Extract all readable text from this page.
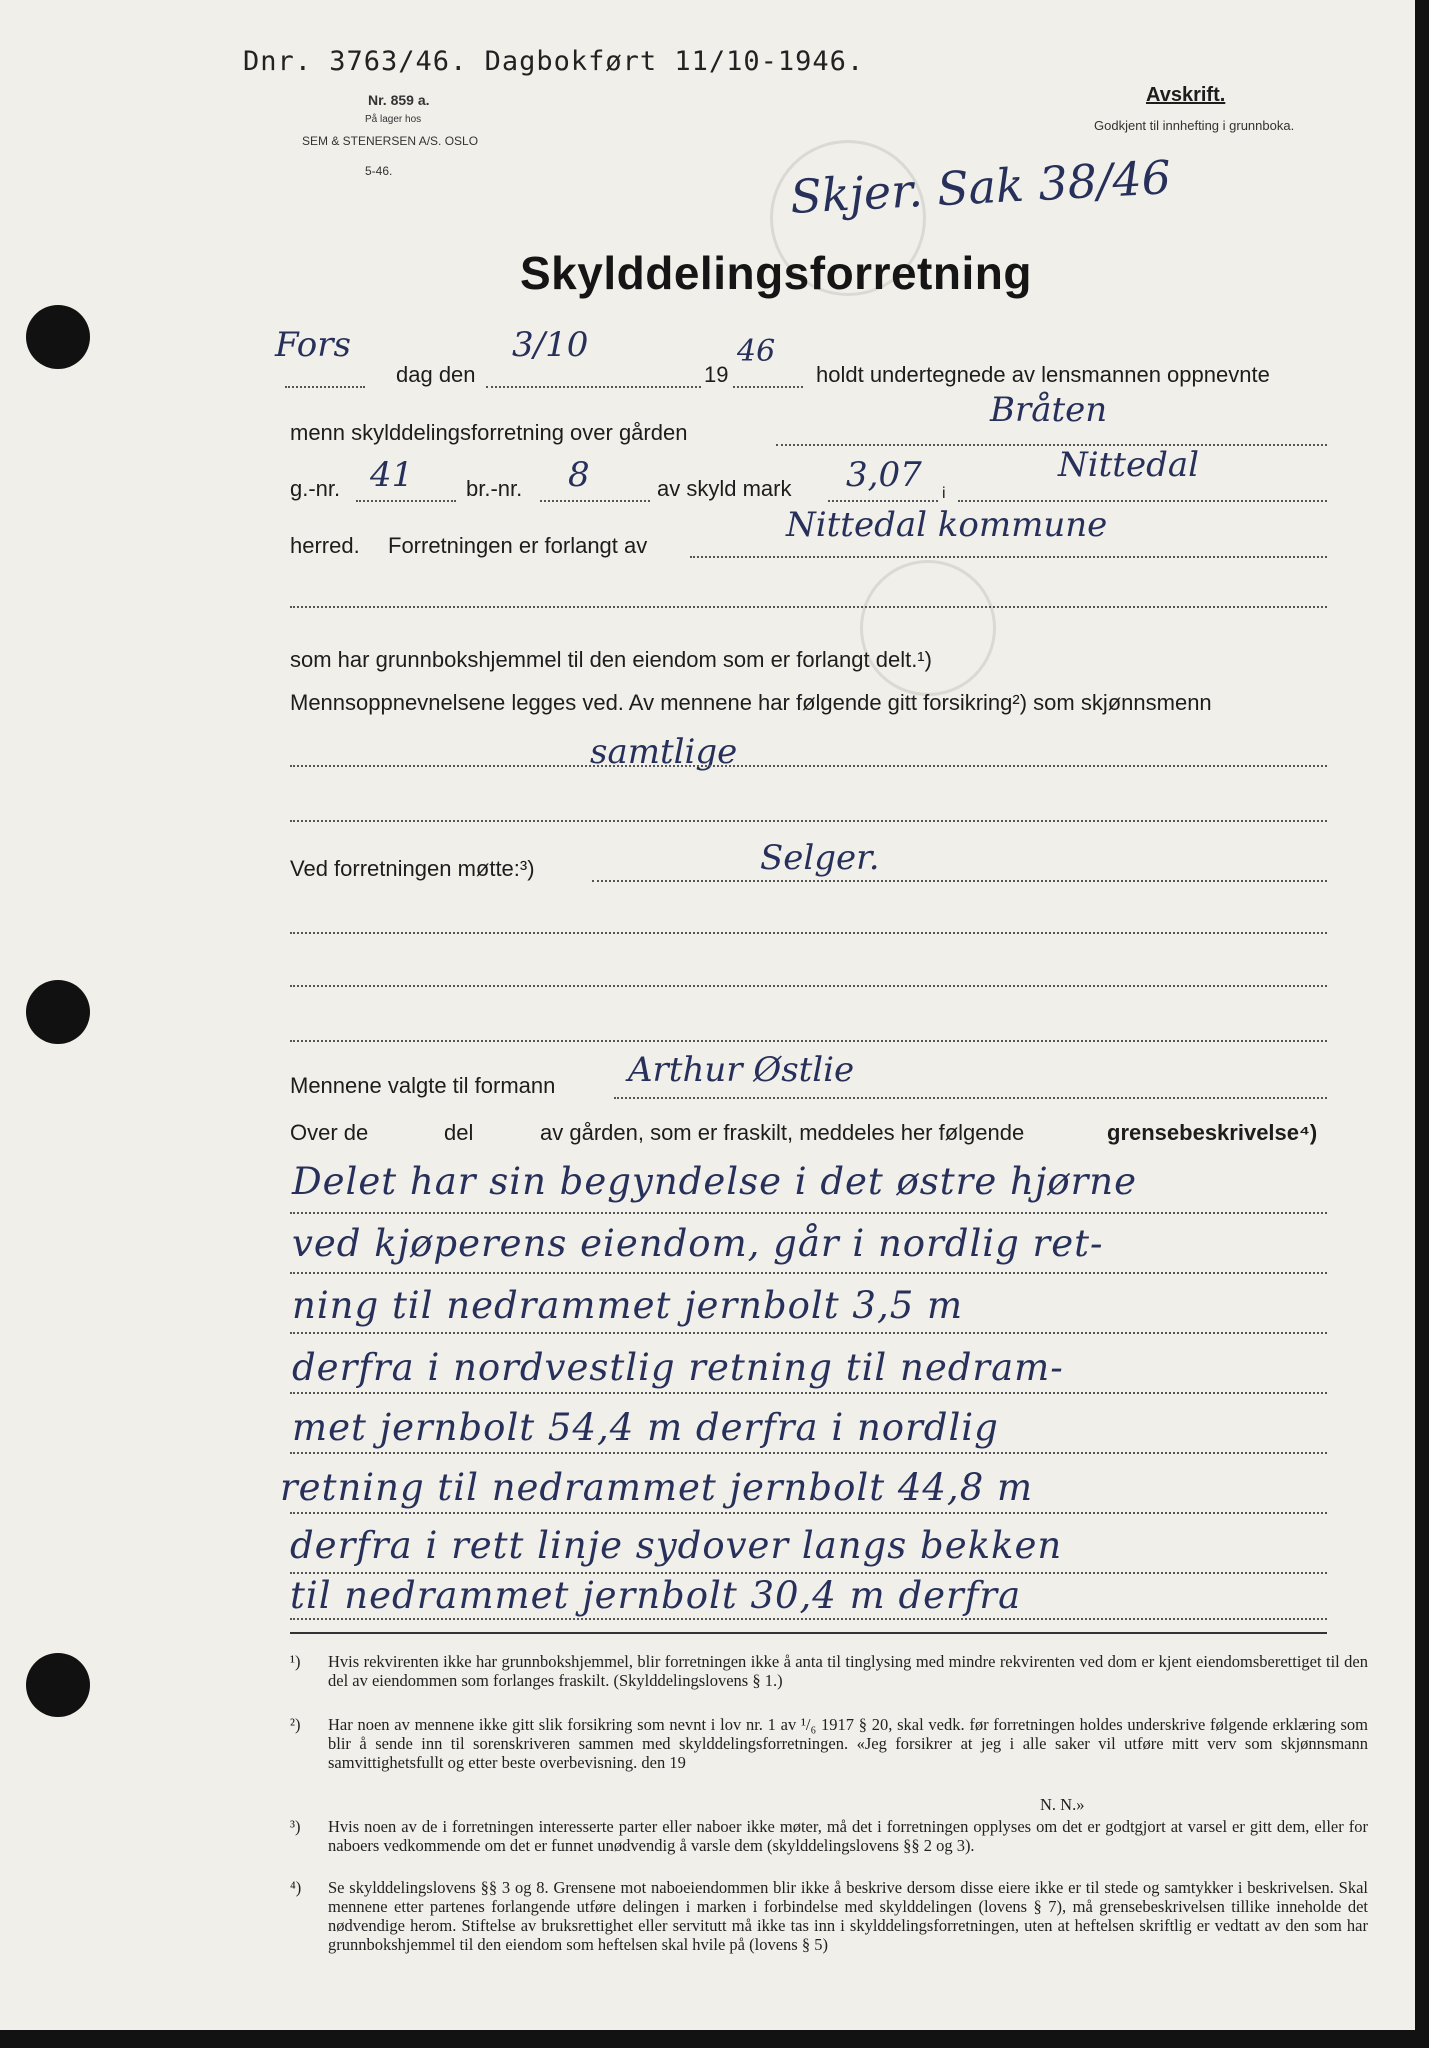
Dnr. 3763/46. Dagbokført 11/10-1946.
Nr. 859 a.
På lager hos
SEM & STENERSEN A/S. OSLO
5-46.
Avskrift.
Godkjent til innhefting i grunnboka.
Skjer. Sak 38/46
Skylddelingsforretning
Fors
dag den
3/10
19
46
holdt undertegnede av lensmannen oppnevnte
menn skylddelingsforretning over gården
Bråten
g.-nr. 41 br.-nr. 8	av skyld mark 3,07 i
Nittedal
herred. Forretningen er forlangt av
Nittedal kommune
som har grunnbokshjemmel til den eiendom som er forlangt delt.¹)
Mennsoppnevnelsene legges ved. Av mennene har følgende gitt forsikring²) som skjønnsmenn
samtlige
Ved forretningen møtte:³)	Selger.
Mennene valgte til formann Arthur Østlie
Over de	del	av gården, som er fraskilt, meddeles her følgende	grensebeskrivelse⁴)
Delet har sin begyndelse i det østre hjørne
ved kjøperens eiendom, går i nordlig ret-
ning til nedrammet jernbolt 3,5 m
derfra i nordvestlig retning til nedram-
met jernbolt 54,4 m derfra i nordlig
retning til nedrammet jernbolt 44,8 m
derfra i rett linje sydover langs bekken
til nedrammet jernbolt 30,4 m derfra
¹) Hvis rekvirenten ikke har grunnbokshjemmel, blir forretningen ikke å anta til tinglysing med mindre rekvirenten ved dom er kjent eiendomsberettiget til den del av eiendommen som forlanges fraskilt. (Skylddelingslovens § 1.)
²) Har noen av mennene ikke gitt slik forsikring som nevnt i lov nr. 1 av ¹/₆ 1917 § 20, skal vedk. før forretningen holdes underskrive følgende erklæring som blir å sende inn til sorenskriveren sammen med skylddelingsforretningen. «Jeg forsikrer at jeg i alle saker vil utføre mitt verv som skjønnsmann samvittighetsfullt og etter beste overbevisning. den 19
N. N.»
³) Hvis noen av de i forretningen interesserte parter eller naboer ikke møter, må det i forretningen opplyses om det er godtgjort at varsel er gitt dem, eller for naboers vedkommende om det er funnet unødvendig å varsle dem (skylddelingslovens §§ 2 og 3).
⁴) Se skylddelingslovens §§ 3 og 8. Grensene mot naboeiendommen blir ikke å beskrive dersom disse eiere ikke er til stede og samtykker i beskrivelsen. Skal mennene etter partenes forlangende utføre delingen i marken i forbindelse med skylddelingen (lovens § 7), må grensebeskrivelsen tillike inneholde det nødvendige herom. Stiftelse av bruksrettighet eller servitutt må ikke tas inn i skylddelingsforretningen, uten at heftelsen skriftlig er vedtatt av den som har grunnbokshjemmel til den eiendom som heftelsen skal hvile på (lovens § 5)
